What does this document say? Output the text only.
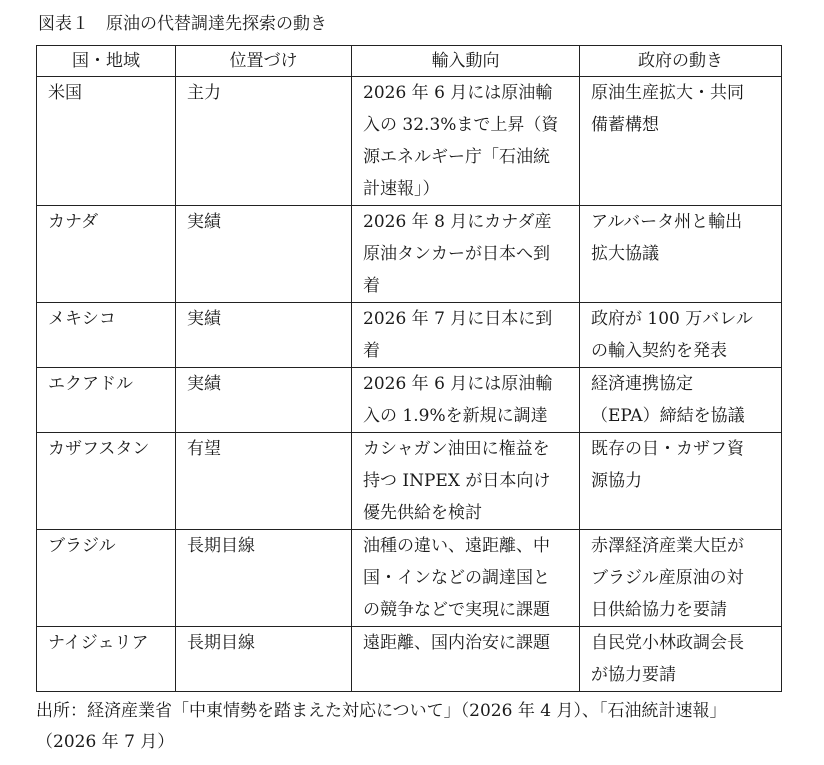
図表１　原油の代替調達先探索の動き
国・地域	位置づけ	輸入動向	政府の動き

米国	主力	2026 年 6 月には原油輸
入の 32.3%まで上昇（資
源エネルギー庁「石油統
計速報」）	原油生産拡大・共同
備蓄構想

カナダ	実績	2026 年 8 月にカナダ産
原油タンカーが日本へ到
着	アルバータ州と輸出
拡大協議

メキシコ	実績	2026 年 7 月に日本に到
着	政府が 100 万バレル
の輸入契約を発表

エクアドル	実績	2026 年 6 月には原油輸
入の 1.9%を新規に調達	経済連携協定
（EPA）締結を協議

カザフスタン	有望	カシャガン油田に権益を
持つ INPEX が日本向け
優先供給を検討	既存の日・カザフ資
源協力

ブラジル	長期目線	油種の違い、遠距離、中
国・インなどの調達国と
の競争などで実現に課題	赤澤経済産業大臣が
ブラジル産原油の対
日供給協力を要請

ナイジェリア	長期目線	遠距離、国内治安に課題	自民党小林政調会長
が協力要請
出所：経済産業省「中東情勢を踏まえた対応について」（2026 年 4 月）、「石油統計速報」
（2026 年 7 月）
